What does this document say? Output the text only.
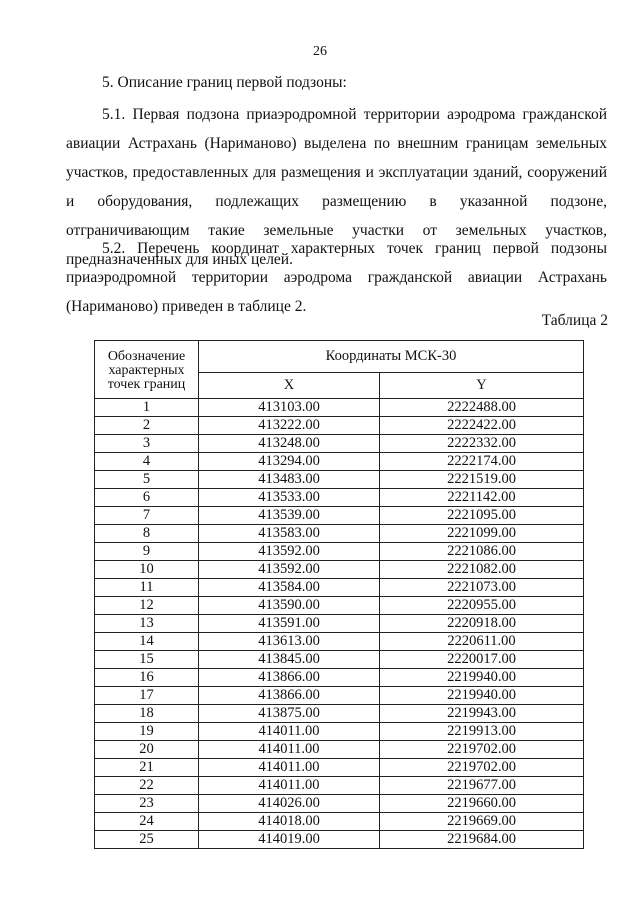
26
5. Описание границ первой подзоны:
5.1. Первая подзона приаэродромной территории аэродрома гражданской авиации Астрахань (Нариманово) выделена по внешним границам земельных участков, предоставленных для размещения и эксплуатации зданий, сооружений и оборудования, подлежащих размещению в указанной подзоне, отграничивающим такие земельные участки от земельных участков, предназначенных для иных целей.
5.2. Перечень координат характерных точек границ первой подзоны приаэродромной территории аэродрома гражданской авиации Астрахань (Нариманово) приведен в таблице 2.
Таблица 2
Обозначение характерных точек границ	Координаты МСК-30	
	X	Y
1	413103.00	2222488.00
2	413222.00	2222422.00
3	413248.00	2222332.00
4	413294.00	2222174.00
5	413483.00	2221519.00
6	413533.00	2221142.00
7	413539.00	2221095.00
8	413583.00	2221099.00
9	413592.00	2221086.00
10	413592.00	2221082.00
11	413584.00	2221073.00
12	413590.00	2220955.00
13	413591.00	2220918.00
14	413613.00	2220611.00
15	413845.00	2220017.00
16	413866.00	2219940.00
17	413866.00	2219940.00
18	413875.00	2219943.00
19	414011.00	2219913.00
20	414011.00	2219702.00
21	414011.00	2219702.00
22	414011.00	2219677.00
23	414026.00	2219660.00
24	414018.00	2219669.00
25	414019.00	2219684.00
